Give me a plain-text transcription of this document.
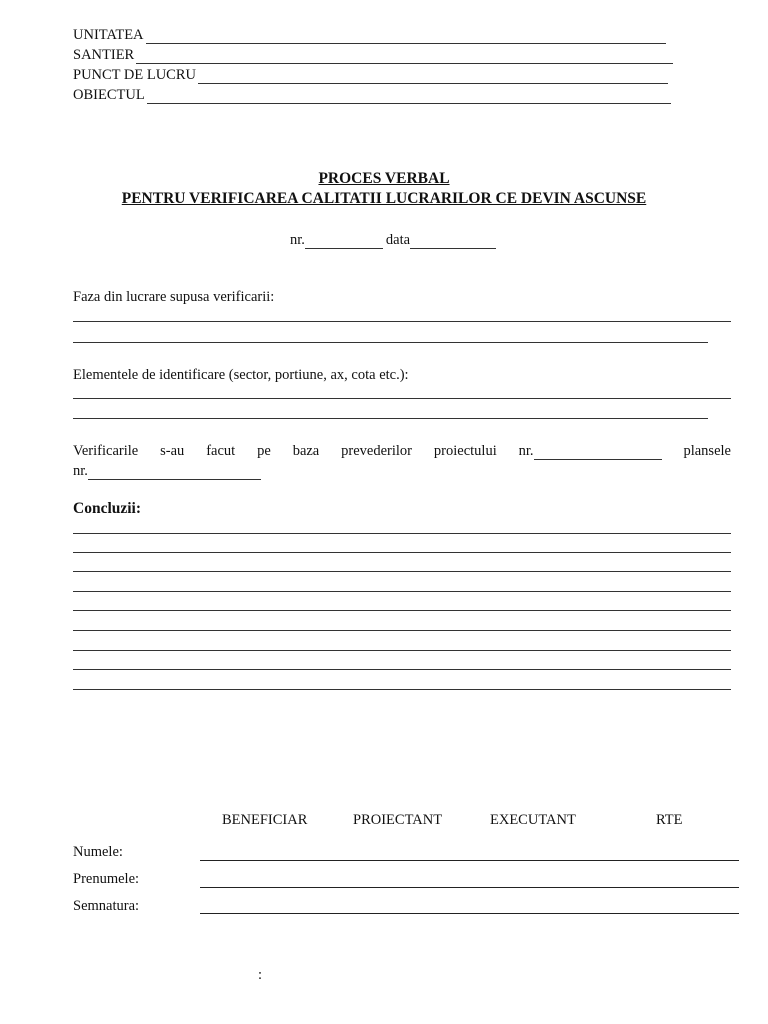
UNITATEA
SANTIER
PUNCT DE LUCRU
OBIECTUL
PROCES VERBAL
PENTRU VERIFICAREA CALITATII LUCRARILOR CE DEVIN ASCUNSE
nr.	data
Faza din lucrare supusa verificarii:
Elementele de identificare (sector, portiune, ax, cota etc.):
Verificarile s-au facut pe baza prevederilor proiectului nr.	plansele
nr.
Concluzii:
BENEFICIAR	PROIECTANT	EXECUTANT	RTE
Numele:
Prenumele:
Semnatura:
:
